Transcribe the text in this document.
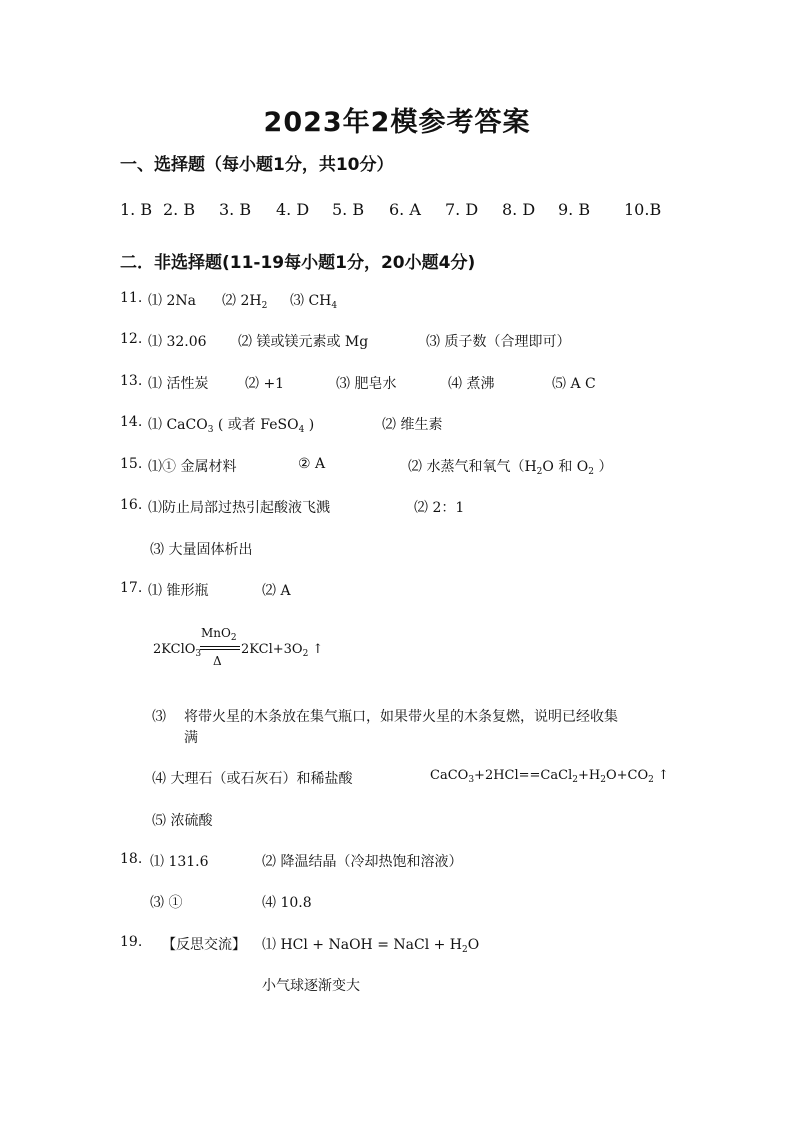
2023年2模参考答案
一、选择题（每小题1分，共10分）
1. B 2. B 3. B 4. D 5. B 6. A 7. D 8. D 9. B 10.B
二．非选择题(11-19每小题1分，20小题4分)
11. ⑴ 2Na ⑵ $2H_2$ ⑶ $CH_4$
12. ⑴ 32.06 ⑵ 镁或镁元素或 Mg	⑶ 质子数（合理即可）
13. ⑴ 活性炭	⑵ +1	⑶ 肥皂水	⑷ 煮沸	⑸ A C
14. ⑴ CaCO$_3$ ( 或者 FeSO$_4$ )	⑵ 维生素
15. ⑴① 金属材料	② A	⑵ 水蒸气和氧气（$H_2O$ 和 $O_2$ ）
16. ⑴防止局部过热引起酸液飞溅	⑵ 2：1
⑶ 大量固体析出
17. ⑴ 锥形瓶	⑵ A
2KClO$_3$
MnO$_2$
Δ
$2KCl+3O_2$ ↑
⑶ 将带火星的木条放在集气瓶口，如果带火星的木条复燃，说明已经收集
满
⑷ 大理石（或石灰石）和稀盐酸	$CaCO_3+2HCl==CaCl_2+H_2O+CO_2$ ↑
⑸ 浓硫酸
18. ⑴ 131.6	⑵ 降温结晶（冷却热饱和溶液）
⑶ ①	⑷ 10.8
19. 【反思交流】 ⑴ HCl + NaOH = NaCl + $H_2O$
小气球逐渐变大
